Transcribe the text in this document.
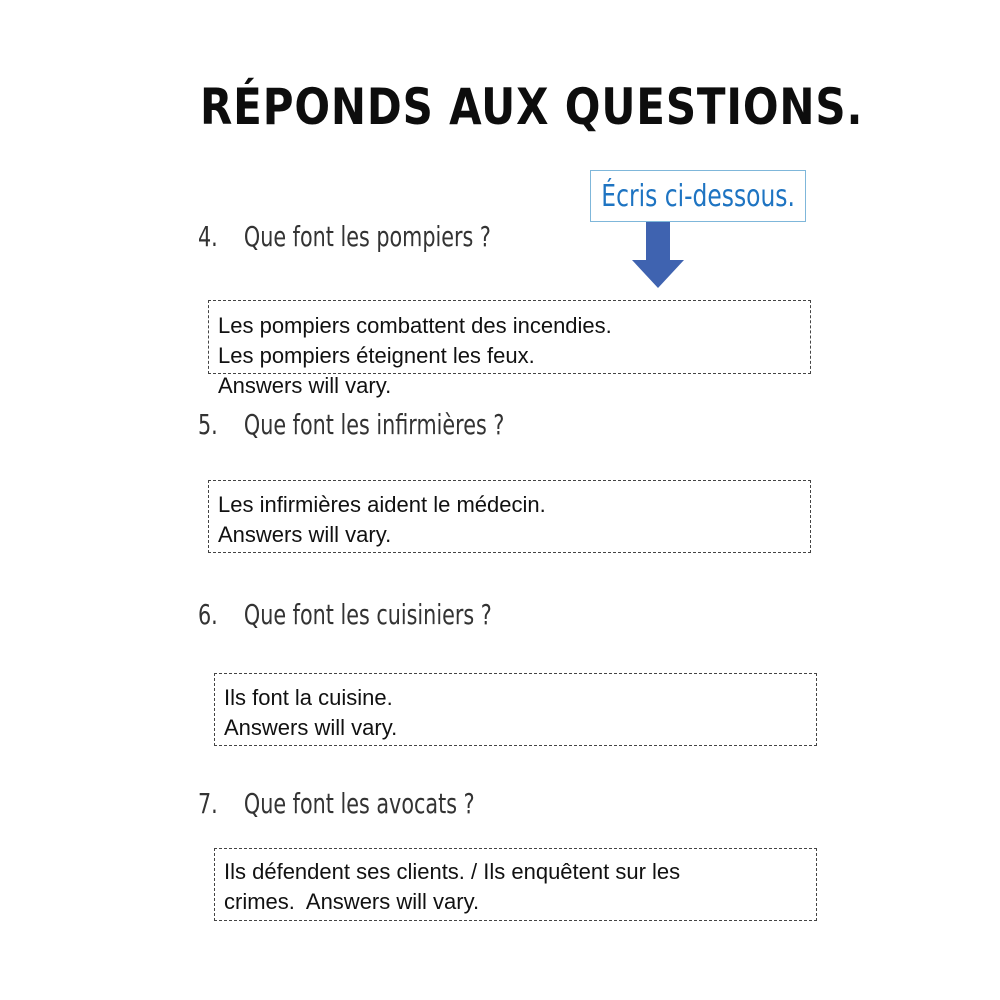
RÉPONDS AUX QUESTIONS.
Écris ci-dessous.
4. Que font les pompiers ?
Les pompiers combattent des incendies.
Les pompiers éteignent les feux.
Answers will vary.
5. Que font les infirmières ?
Les infirmières aident le médecin.
Answers will vary.
6. Que font les cuisiniers ?
Ils font la cuisine.
Answers will vary.
7. Que font les avocats ?
Ils défendent ses clients. / Ils enquêtent sur les
crimes.  Answers will vary.
